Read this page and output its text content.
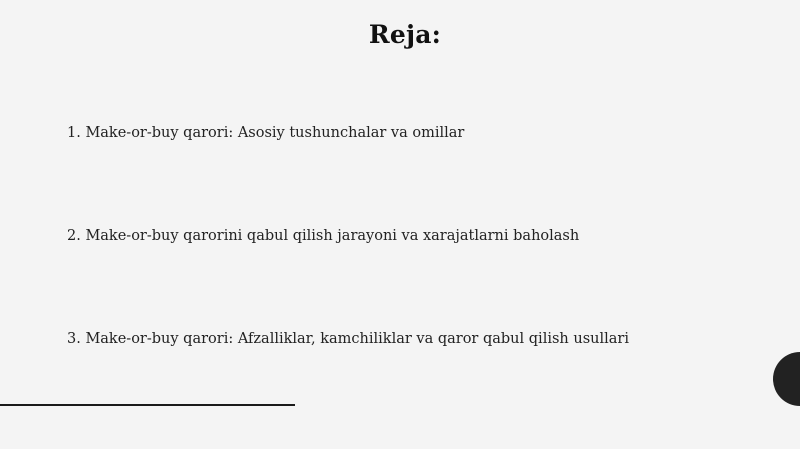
Reja:
1. Make-or-buy qarori: Asosiy tushunchalar va omillar
2. Make-or-buy qarorini qabul qilish jarayoni va xarajatlarni baholash
3. Make-or-buy qarori: Afzalliklar, kamchiliklar va qaror qabul qilish usullari
